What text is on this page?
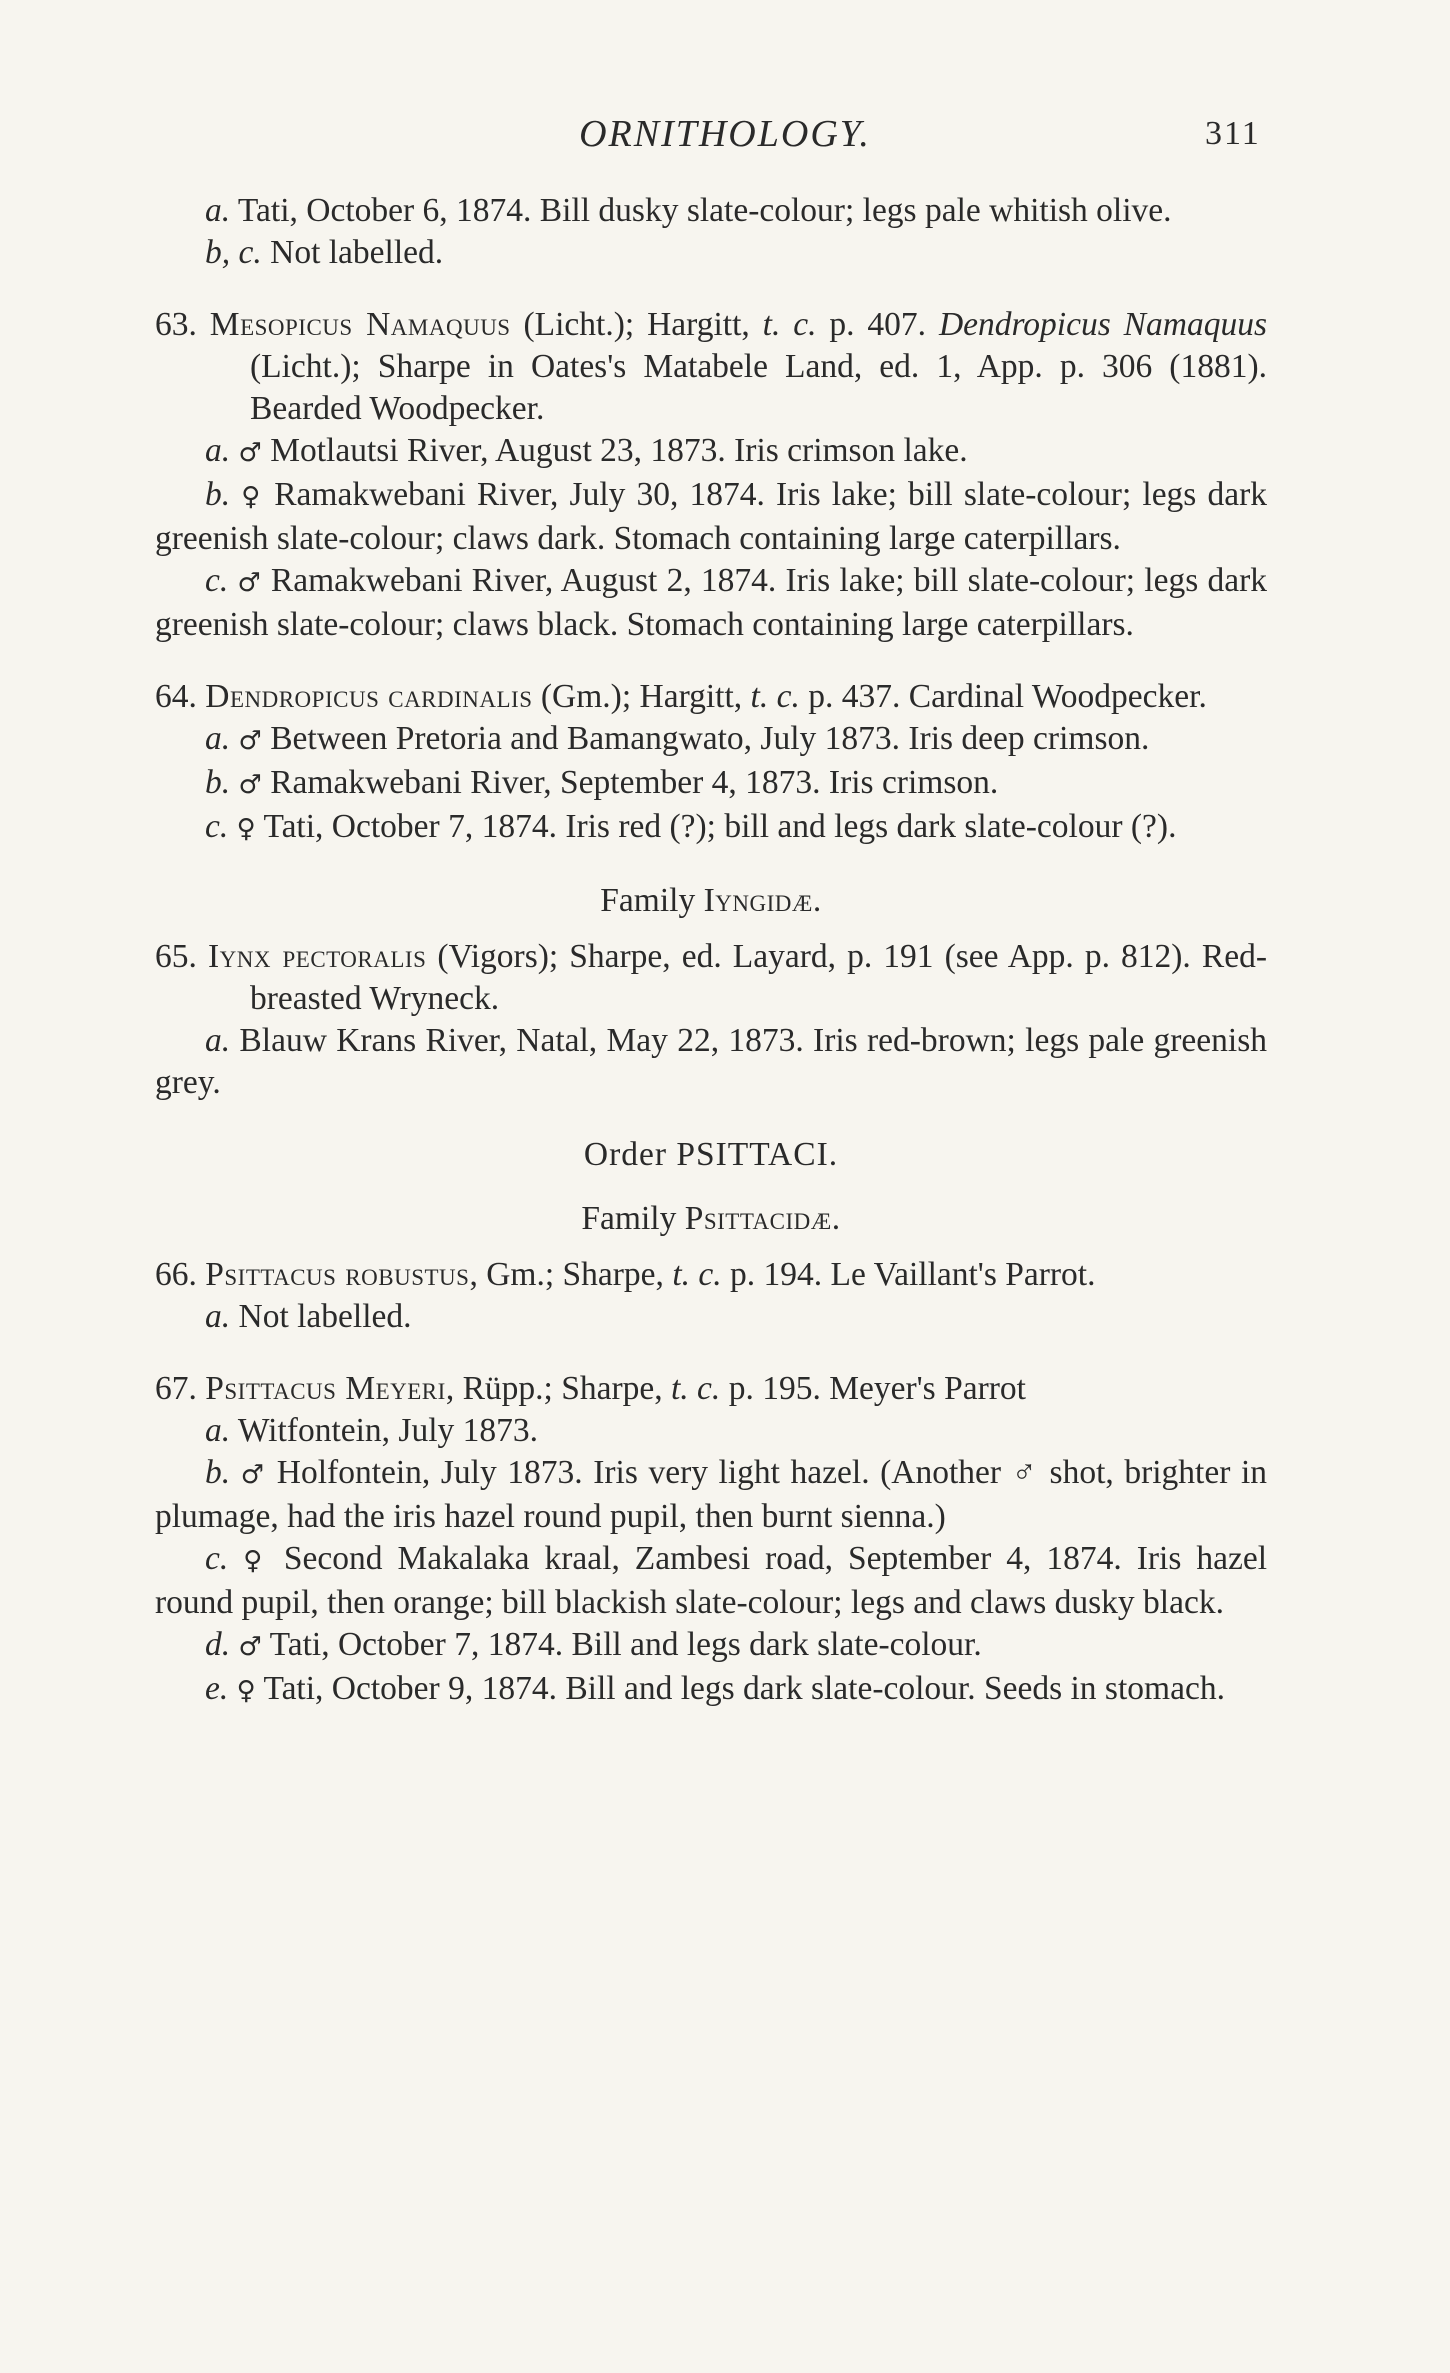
ORNITHOLOGY.	311

a. Tati, October 6, 1874. Bill dusky slate-colour; legs pale whitish olive.

b, c. Not labelled.

63. Mesopicus Namaquus (Licht.); Hargitt, t. c. p. 407. Dendropicus Namaquus (Licht.); Sharpe in Oates's Matabele Land, ed. 1, App. p. 306 (1881). Bearded Woodpecker.

a. ♂ Motlautsi River, August 23, 1873. Iris crimson lake.

b. ♀ Ramakwebani River, July 30, 1874. Iris lake; bill slate-colour; legs dark greenish slate-colour; claws dark. Stomach containing large caterpillars.

c. ♂ Ramakwebani River, August 2, 1874. Iris lake; bill slate-colour; legs dark greenish slate-colour; claws black. Stomach containing large caterpillars.

64. Dendropicus cardinalis (Gm.); Hargitt, t. c. p. 437. Cardinal Woodpecker.

a. ♂ Between Pretoria and Bamangwato, July 1873. Iris deep crimson.

b. ♂ Ramakwebani River, September 4, 1873. Iris crimson.

c. ♀ Tati, October 7, 1874. Iris red (?); bill and legs dark slate-colour (?).

Family Iyngidæ.

65. Iynx pectoralis (Vigors); Sharpe, ed. Layard, p. 191 (see App. p. 812). Red-breasted Wryneck.

a. Blauw Krans River, Natal, May 22, 1873. Iris red-brown; legs pale greenish grey.

Order PSITTACI.

Family Psittacidæ.

66. Psittacus robustus, Gm.; Sharpe, t. c. p. 194. Le Vaillant's Parrot.

a. Not labelled.

67. Psittacus Meyeri, Rüpp.; Sharpe, t. c. p. 195. Meyer's Parrot

a. Witfontein, July 1873.

b. ♂ Holfontein, July 1873. Iris very light hazel. (Another ♂ shot, brighter in plumage, had the iris hazel round pupil, then burnt sienna.)

c. ♀ Second Makalaka kraal, Zambesi road, September 4, 1874. Iris hazel round pupil, then orange; bill blackish slate-colour; legs and claws dusky black.

d. ♂ Tati, October 7, 1874. Bill and legs dark slate-colour.

e. ♀ Tati, October 9, 1874. Bill and legs dark slate-colour. Seeds in stomach.
